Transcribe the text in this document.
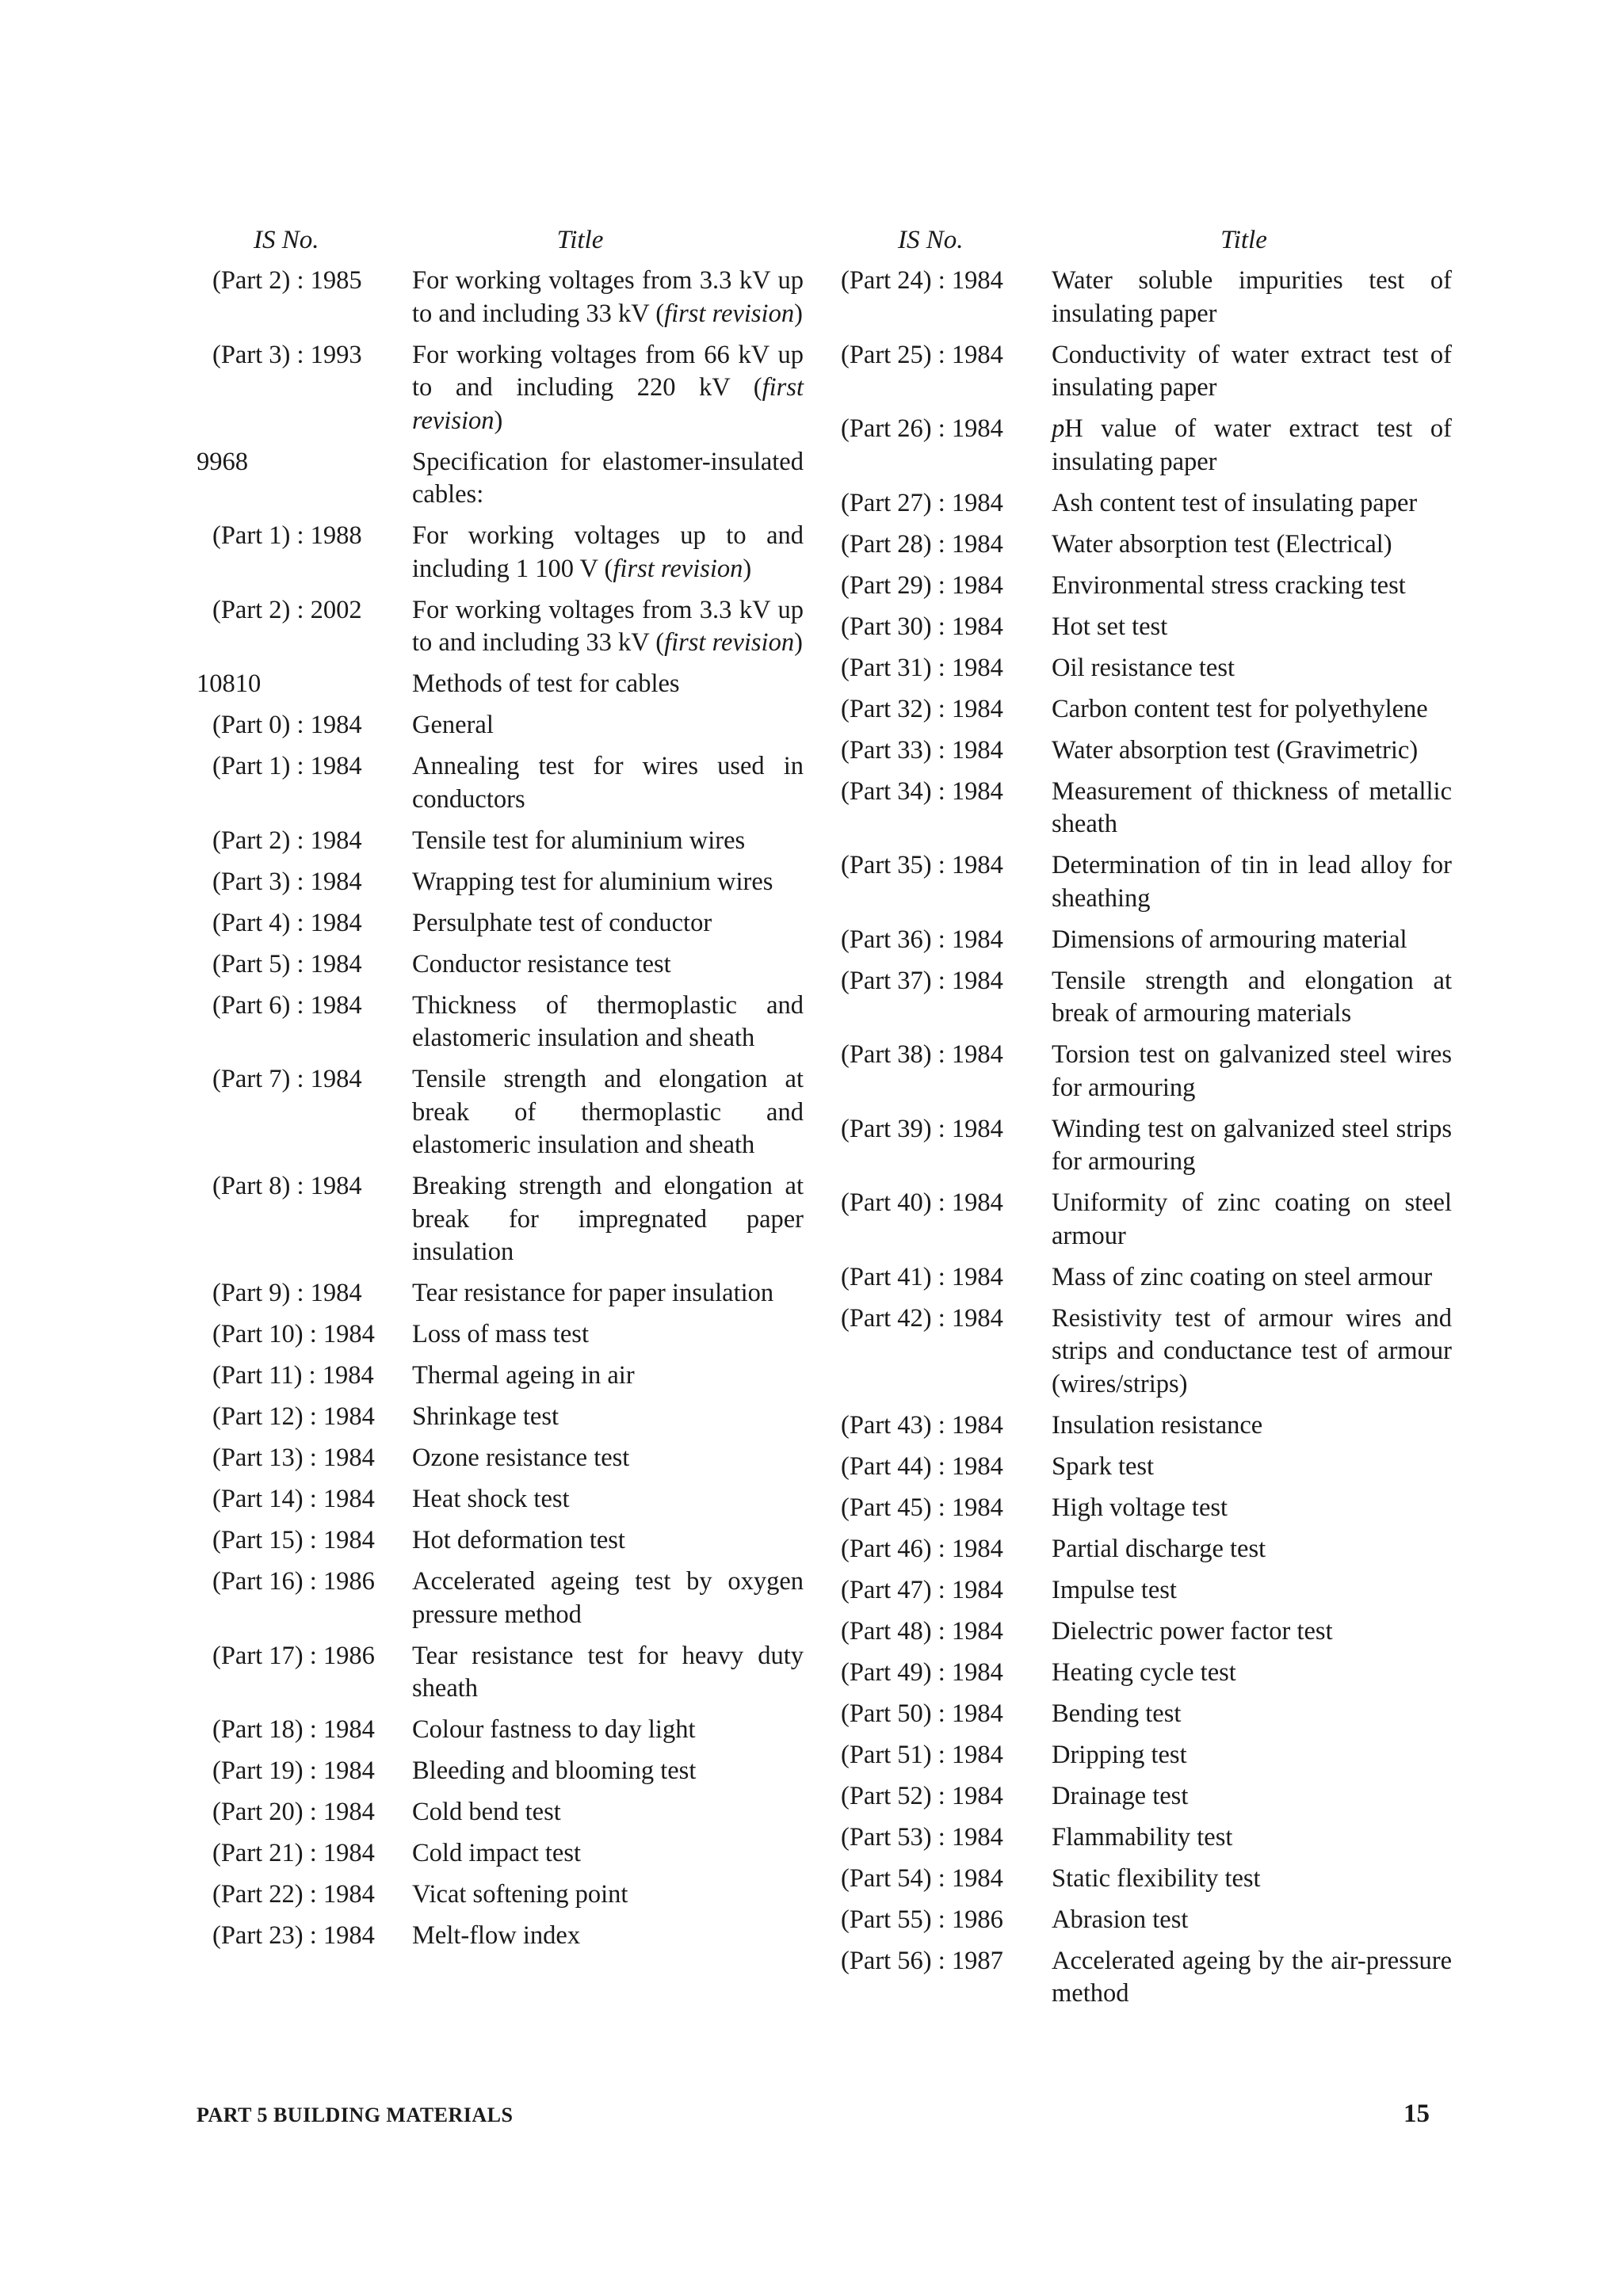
IS No.	Title
(Part 2) : 1985	For working voltages from 3.3 kV up to and including 33 kV (first revision)
(Part 3) : 1993	For working voltages from 66 kV up to and including 220 kV (first revision)
9968	Specification for elastomer-insulated cables:
(Part 1) : 1988	For working voltages up to and including 1 100 V (first revision)
(Part 2) : 2002	For working voltages from 3.3 kV up to and including 33 kV (first revision)
10810	Methods of test for cables
(Part 0) : 1984	General
(Part 1) : 1984	Annealing test for wires used in conductors
(Part 2) : 1984	Tensile test for aluminium wires
(Part 3) : 1984	Wrapping test for aluminium wires
(Part 4) : 1984	Persulphate test of conductor
(Part 5) : 1984	Conductor resistance test
(Part 6) : 1984	Thickness of thermoplastic and elastomeric insulation and sheath
(Part 7) : 1984	Tensile strength and elongation at break of thermoplastic and elastomeric insulation and sheath
(Part 8) : 1984	Breaking strength and elongation at break for impregnated paper insulation
(Part 9) : 1984	Tear resistance for paper insulation
(Part 10) : 1984	Loss of mass test
(Part 11) : 1984	Thermal ageing in air
(Part 12) : 1984	Shrinkage test
(Part 13) : 1984	Ozone resistance test
(Part 14) : 1984	Heat shock test
(Part 15) : 1984	Hot deformation test
(Part 16) : 1986	Accelerated ageing test by oxygen pressure method
(Part 17) : 1986	Tear resistance test for heavy duty sheath
(Part 18) : 1984	Colour fastness to day light
(Part 19) : 1984	Bleeding and blooming test
(Part 20) : 1984	Cold bend test
(Part 21) : 1984	Cold impact test
(Part 22) : 1984	Vicat softening point
(Part 23) : 1984	Melt-flow index
IS No.	Title
(Part 24) : 1984	Water soluble impurities test of insulating paper
(Part 25) : 1984	Conductivity of water extract test of insulating paper
(Part 26) : 1984	pH value of water extract test of insulating paper
(Part 27) : 1984	Ash content test of insulating paper
(Part 28) : 1984	Water absorption test (Electrical)
(Part 29) : 1984	Environmental stress cracking test
(Part 30) : 1984	Hot set test
(Part 31) : 1984	Oil resistance test
(Part 32) : 1984	Carbon content test for polyethylene
(Part 33) : 1984	Water absorption test (Gravimetric)
(Part 34) : 1984	Measurement of thickness of metallic sheath
(Part 35) : 1984	Determination of tin in lead alloy for sheathing
(Part 36) : 1984	Dimensions of armouring material
(Part 37) : 1984	Tensile strength and elongation at break of armouring materials
(Part 38) : 1984	Torsion test on galvanized steel wires for armouring
(Part 39) : 1984	Winding test on galvanized steel strips for armouring
(Part 40) : 1984	Uniformity of zinc coating on steel armour
(Part 41) : 1984	Mass of zinc coating on steel armour
(Part 42) : 1984	Resistivity test of armour wires and strips and conductance test of armour (wires/strips)
(Part 43) : 1984	Insulation resistance
(Part 44) : 1984	Spark test
(Part 45) : 1984	High voltage test
(Part 46) : 1984	Partial discharge test
(Part 47) : 1984	Impulse test
(Part 48) : 1984	Dielectric power factor test
(Part 49) : 1984	Heating cycle test
(Part 50) : 1984	Bending test
(Part 51) : 1984	Dripping test
(Part 52) : 1984	Drainage test
(Part 53) : 1984	Flammability test
(Part 54) : 1984	Static flexibility test
(Part 55) : 1986	Abrasion test
(Part 56) : 1987	Accelerated ageing by the air-pressure method
PART 5 BUILDING MATERIALS	15
